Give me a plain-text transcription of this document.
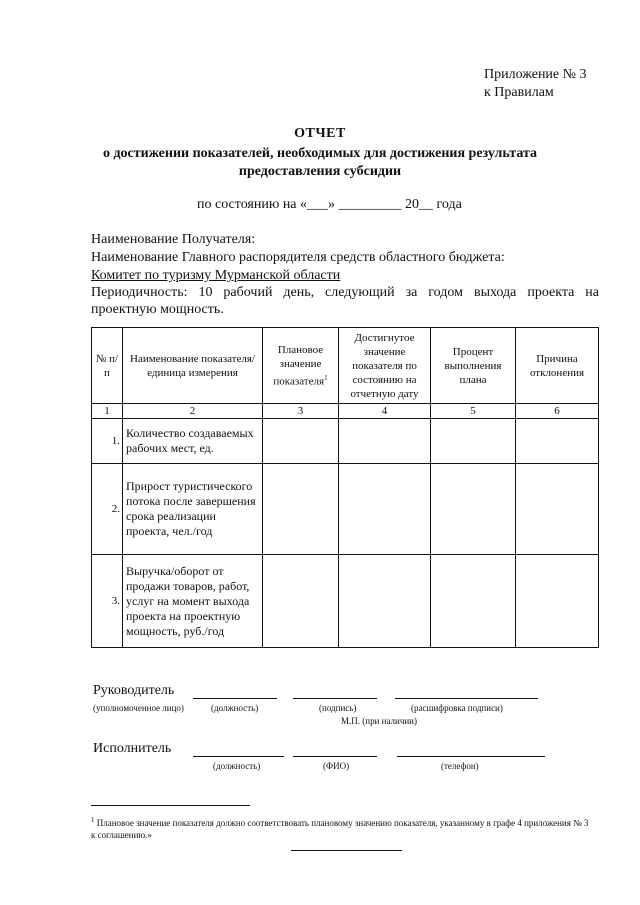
Приложение № 3
к Правилам
ОТЧЕТ
о достижении показателей, необходимых для достижения результата
предоставления субсидии
по состоянию на «___» _________ 20__ года
Наименование Получателя:
Наименование Главного распорядителя средств областного бюджета:
Комитет по туризму Мурманской области
Периодичность: 10 рабочий день, следующий за годом выхода проекта на проектную мощность.
№ п/п	Наименование показателя/ единица измерения	Плановое значение показателя$^1$	Достигнутое значение показателя по состоянию на отчетную дату	Процент выполнения плана	Причина отклонения
1	2	3	4	5	6
1.	Количество создаваемых рабочих мест, ед.				
2.	Прирост туристического потока после завершения срока реализации проекта, чел./год				
3.	Выручка/оборот от продажи товаров, работ, услуг на момент выхода проекта на проектную мощность, руб./год				
Руководитель
(уполномоченное лицо)	(должность)	(подпись)	(расшифровка подписи)
М.П. (при наличии)
Исполнитель
(должность)	(ФИО)	(телефон)
$^1$ Плановое значение показателя должно соответствовать плановому значению показателя, указанному в графе 4 приложения № 3 к соглашению.»
